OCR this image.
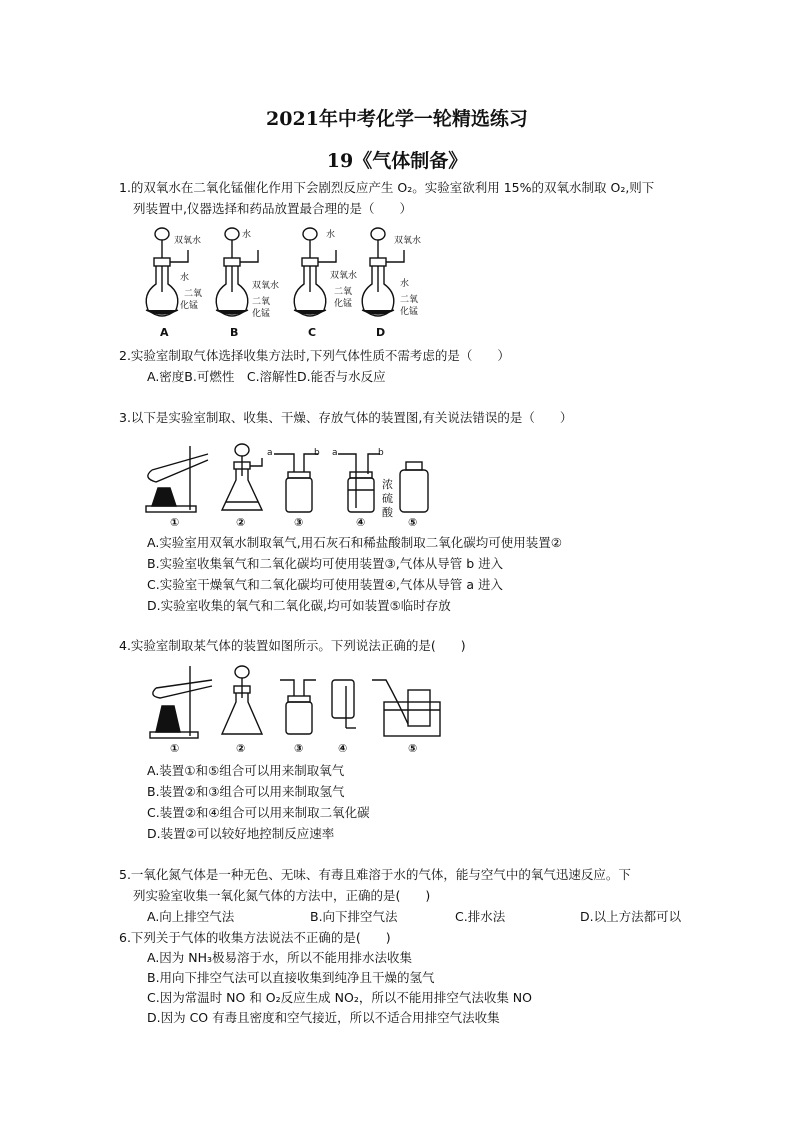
2021年中考化学一轮精选练习
19《气体制备》
1.的双氧水在二氧化锰催化作用下会剧烈反应产生 O₂。实验室欲利用 15%的双氧水制取 O₂,则下
列装置中,仪器选择和药品放置最合理的是（　　）
双氧水
水
二氧
化锰
水
双氧水
二氧
化锰
水
双氧水
二氧
化锰
双氧水
水
二氧
化锰
A	B	C	D
2.实验室制取气体选择收集方法时,下列气体性质不需考虑的是（　　）
A.密度B.可燃性　C.溶解性D.能否与水反应
3.以下是实验室制取、收集、干燥、存放气体的装置图,有关说法错误的是（　　）
a	b a	b
浓
硫
酸
①	②	③	④	⑤
A.实验室用双氧水制取氧气,用石灰石和稀盐酸制取二氧化碳均可使用装置②
B.实验室收集氧气和二氧化碳均可使用装置③,气体从导管 b 进入
C.实验室干燥氧气和二氧化碳均可使用装置④,气体从导管 a 进入
D.实验室收集的氧气和二氧化碳,均可如装置⑤临时存放
4.实验室制取某气体的装置如图所示。下列说法正确的是(　　)
①	②	③	④	⑤
A.装置①和⑤组合可以用来制取氧气
B.装置②和③组合可以用来制取氢气
C.装置②和④组合可以用来制取二氧化碳
D.装置②可以较好地控制反应速率
5.一氧化氮气体是一种无色、无味、有毒且难溶于水的气体，能与空气中的氧气迅速反应。下
列实验室收集一氧化氮气体的方法中，正确的是(　　)
A.向上排空气法	B.向下排空气法	C.排水法	D.以上方法都可以
6.下列关于气体的收集方法说法不正确的是(　　)
A.因为 NH₃极易溶于水，所以不能用排水法收集
B.用向下排空气法可以直接收集到纯净且干燥的氢气
C.因为常温时 NO 和 O₂反应生成 NO₂，所以不能用排空气法收集 NO
D.因为 CO 有毒且密度和空气接近，所以不适合用排空气法收集
